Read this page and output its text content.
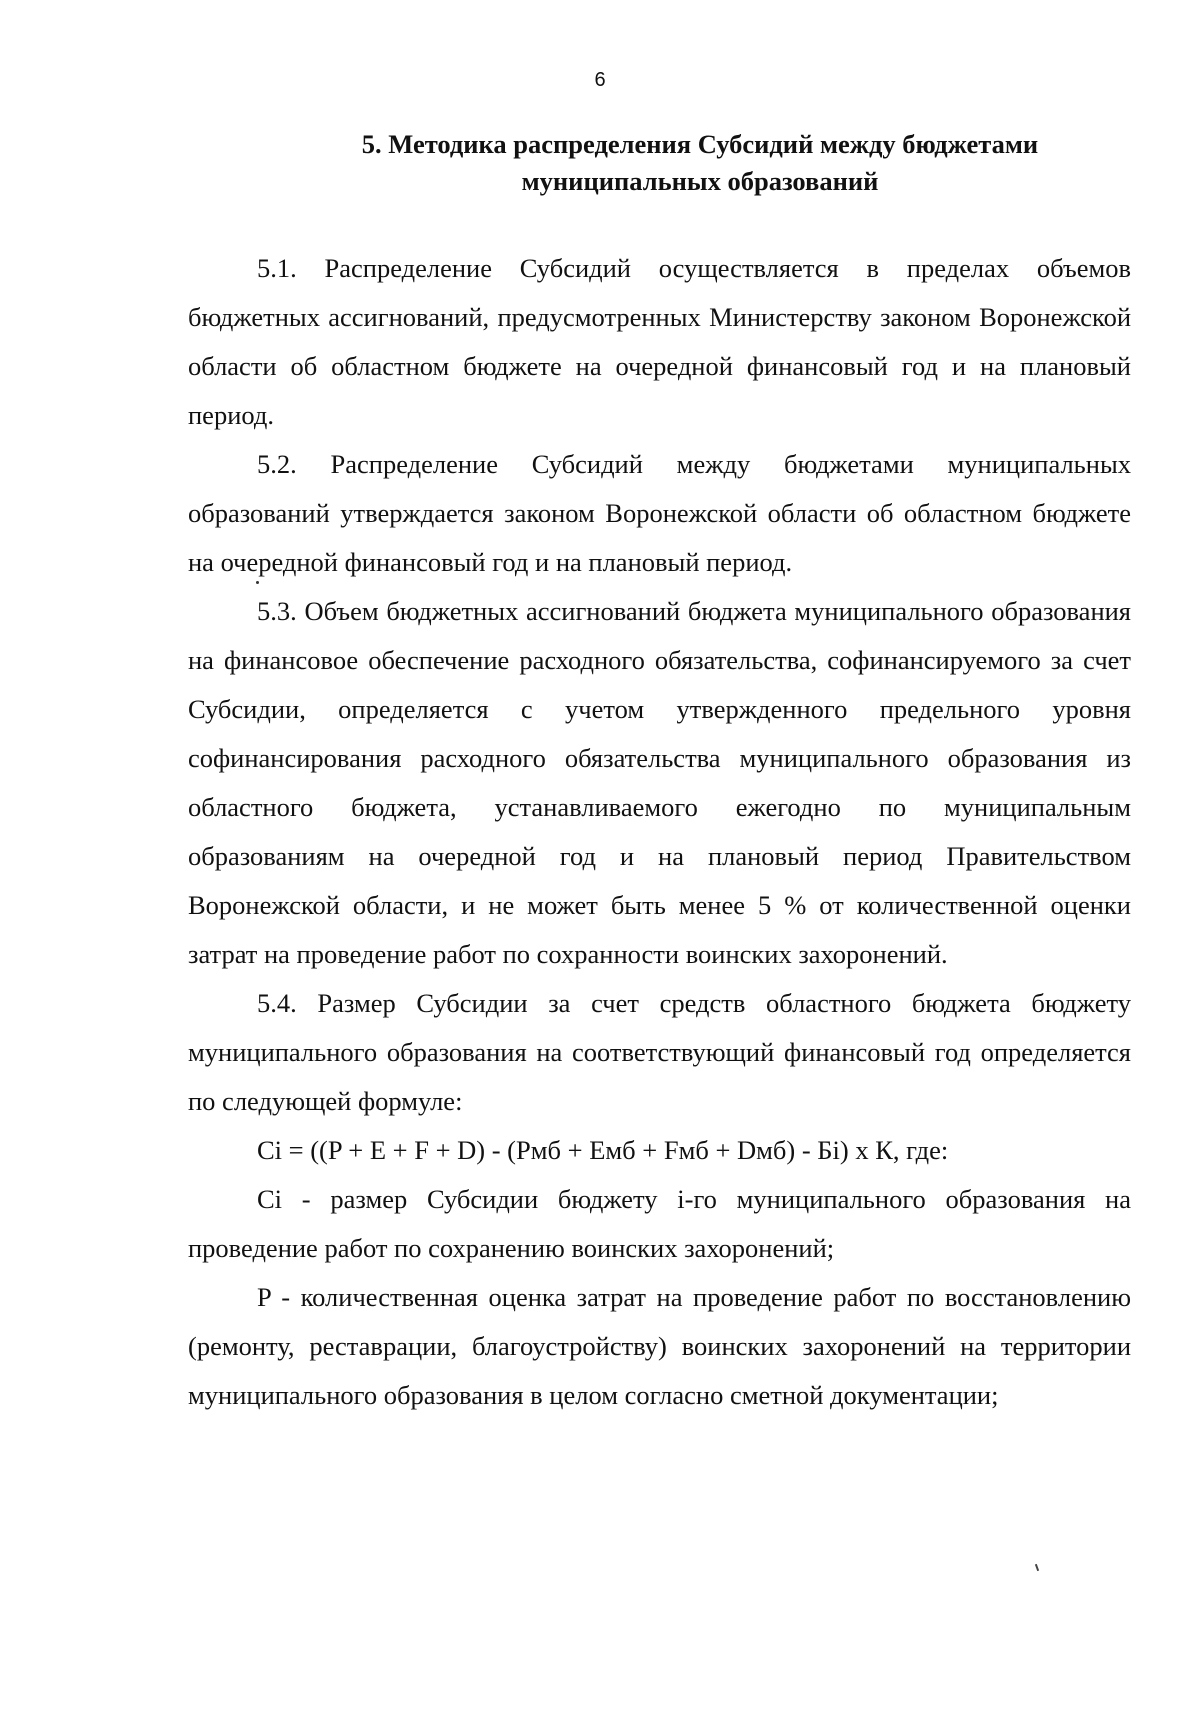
6
5. Методика распределения Субсидий между бюджетами
муниципальных образований

5.1. Распределение Субсидий осуществляется в пределах объемов бюджетных ассигнований, предусмотренных Министерству законом Воронежской области об областном бюджете на очередной финансовый год и на плановый период.

5.2. Распределение Субсидий между бюджетами муниципальных образований утверждается законом Воронежской области об областном бюджете на очередной финансовый год и на плановый период.

5.3. Объем бюджетных ассигнований бюджета муниципального образования на финансовое обеспечение расходного обязательства, софинансируемого за счет Субсидии, определяется с учетом утвержденного предельного уровня софинансирования расходного обязательства муниципального образования из областного бюджета, устанавливаемого ежегодно по муниципальным образованиям на очередной год и на плановый период Правительством Воронежской области, и не может быть менее 5 % от количественной оценки затрат на проведение работ по сохранности воинских захоронений.

5.4. Размер Субсидии за счет средств областного бюджета бюджету муниципального образования на соответствующий финансовый год определяется по следующей формуле:

Ci = ((P + E + F + D) - (Pмб + Eмб + Fмб + Dмб) - Бi) х К, где:

Ci - размер Субсидии бюджету i-го муниципального образования на проведение работ по сохранению воинских захоронений;

P - количественная оценка затрат на проведение работ по восстановлению (ремонту, реставрации, благоустройству) воинских захоронений на территории муниципального образования в целом согласно сметной документации;
